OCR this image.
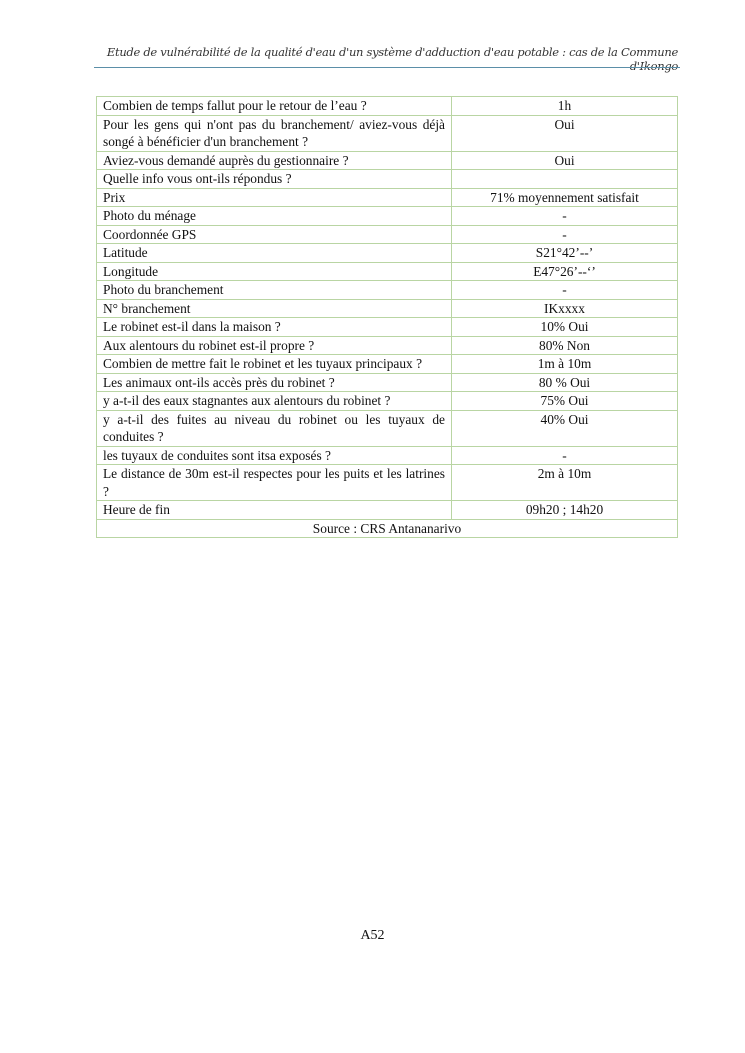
Etude de vulnérabilité de la qualité d'eau d'un système d'adduction d'eau potable : cas de la Commune d'Ikongo
Combien de temps fallut pour le retour de l’eau ?	1h
Pour les gens qui n'ont pas du branchement/ aviez-vous déjà songé à bénéficier d'un branchement ?	Oui
Aviez-vous demandé auprès du gestionnaire ?	Oui
Quelle info vous ont-ils répondus ?	
Prix	71% moyennement satisfait
Photo du ménage	-
Coordonnée GPS	-
Latitude	S21°42’--’
Longitude	E47°26’--‘’
Photo du branchement	-
N° branchement	IKxxxx
Le robinet est-il dans la maison ?	10% Oui
Aux alentours du robinet est-il propre ?	80% Non
Combien de mettre fait le robinet et les tuyaux principaux ?	1m à 10m
Les animaux ont-ils accès près du robinet ?	80 % Oui
y a-t-il des eaux stagnantes aux alentours du robinet ?	75% Oui
y a-t-il des fuites au niveau du robinet ou les tuyaux de conduites ?	40% Oui
les tuyaux de conduites sont itsa exposés ?	-
Le distance de 30m est-il respectes pour les puits et les latrines ?	2m à 10m
Heure de fin	09h20 ; 14h20
Source : CRS Antananarivo	
A52
